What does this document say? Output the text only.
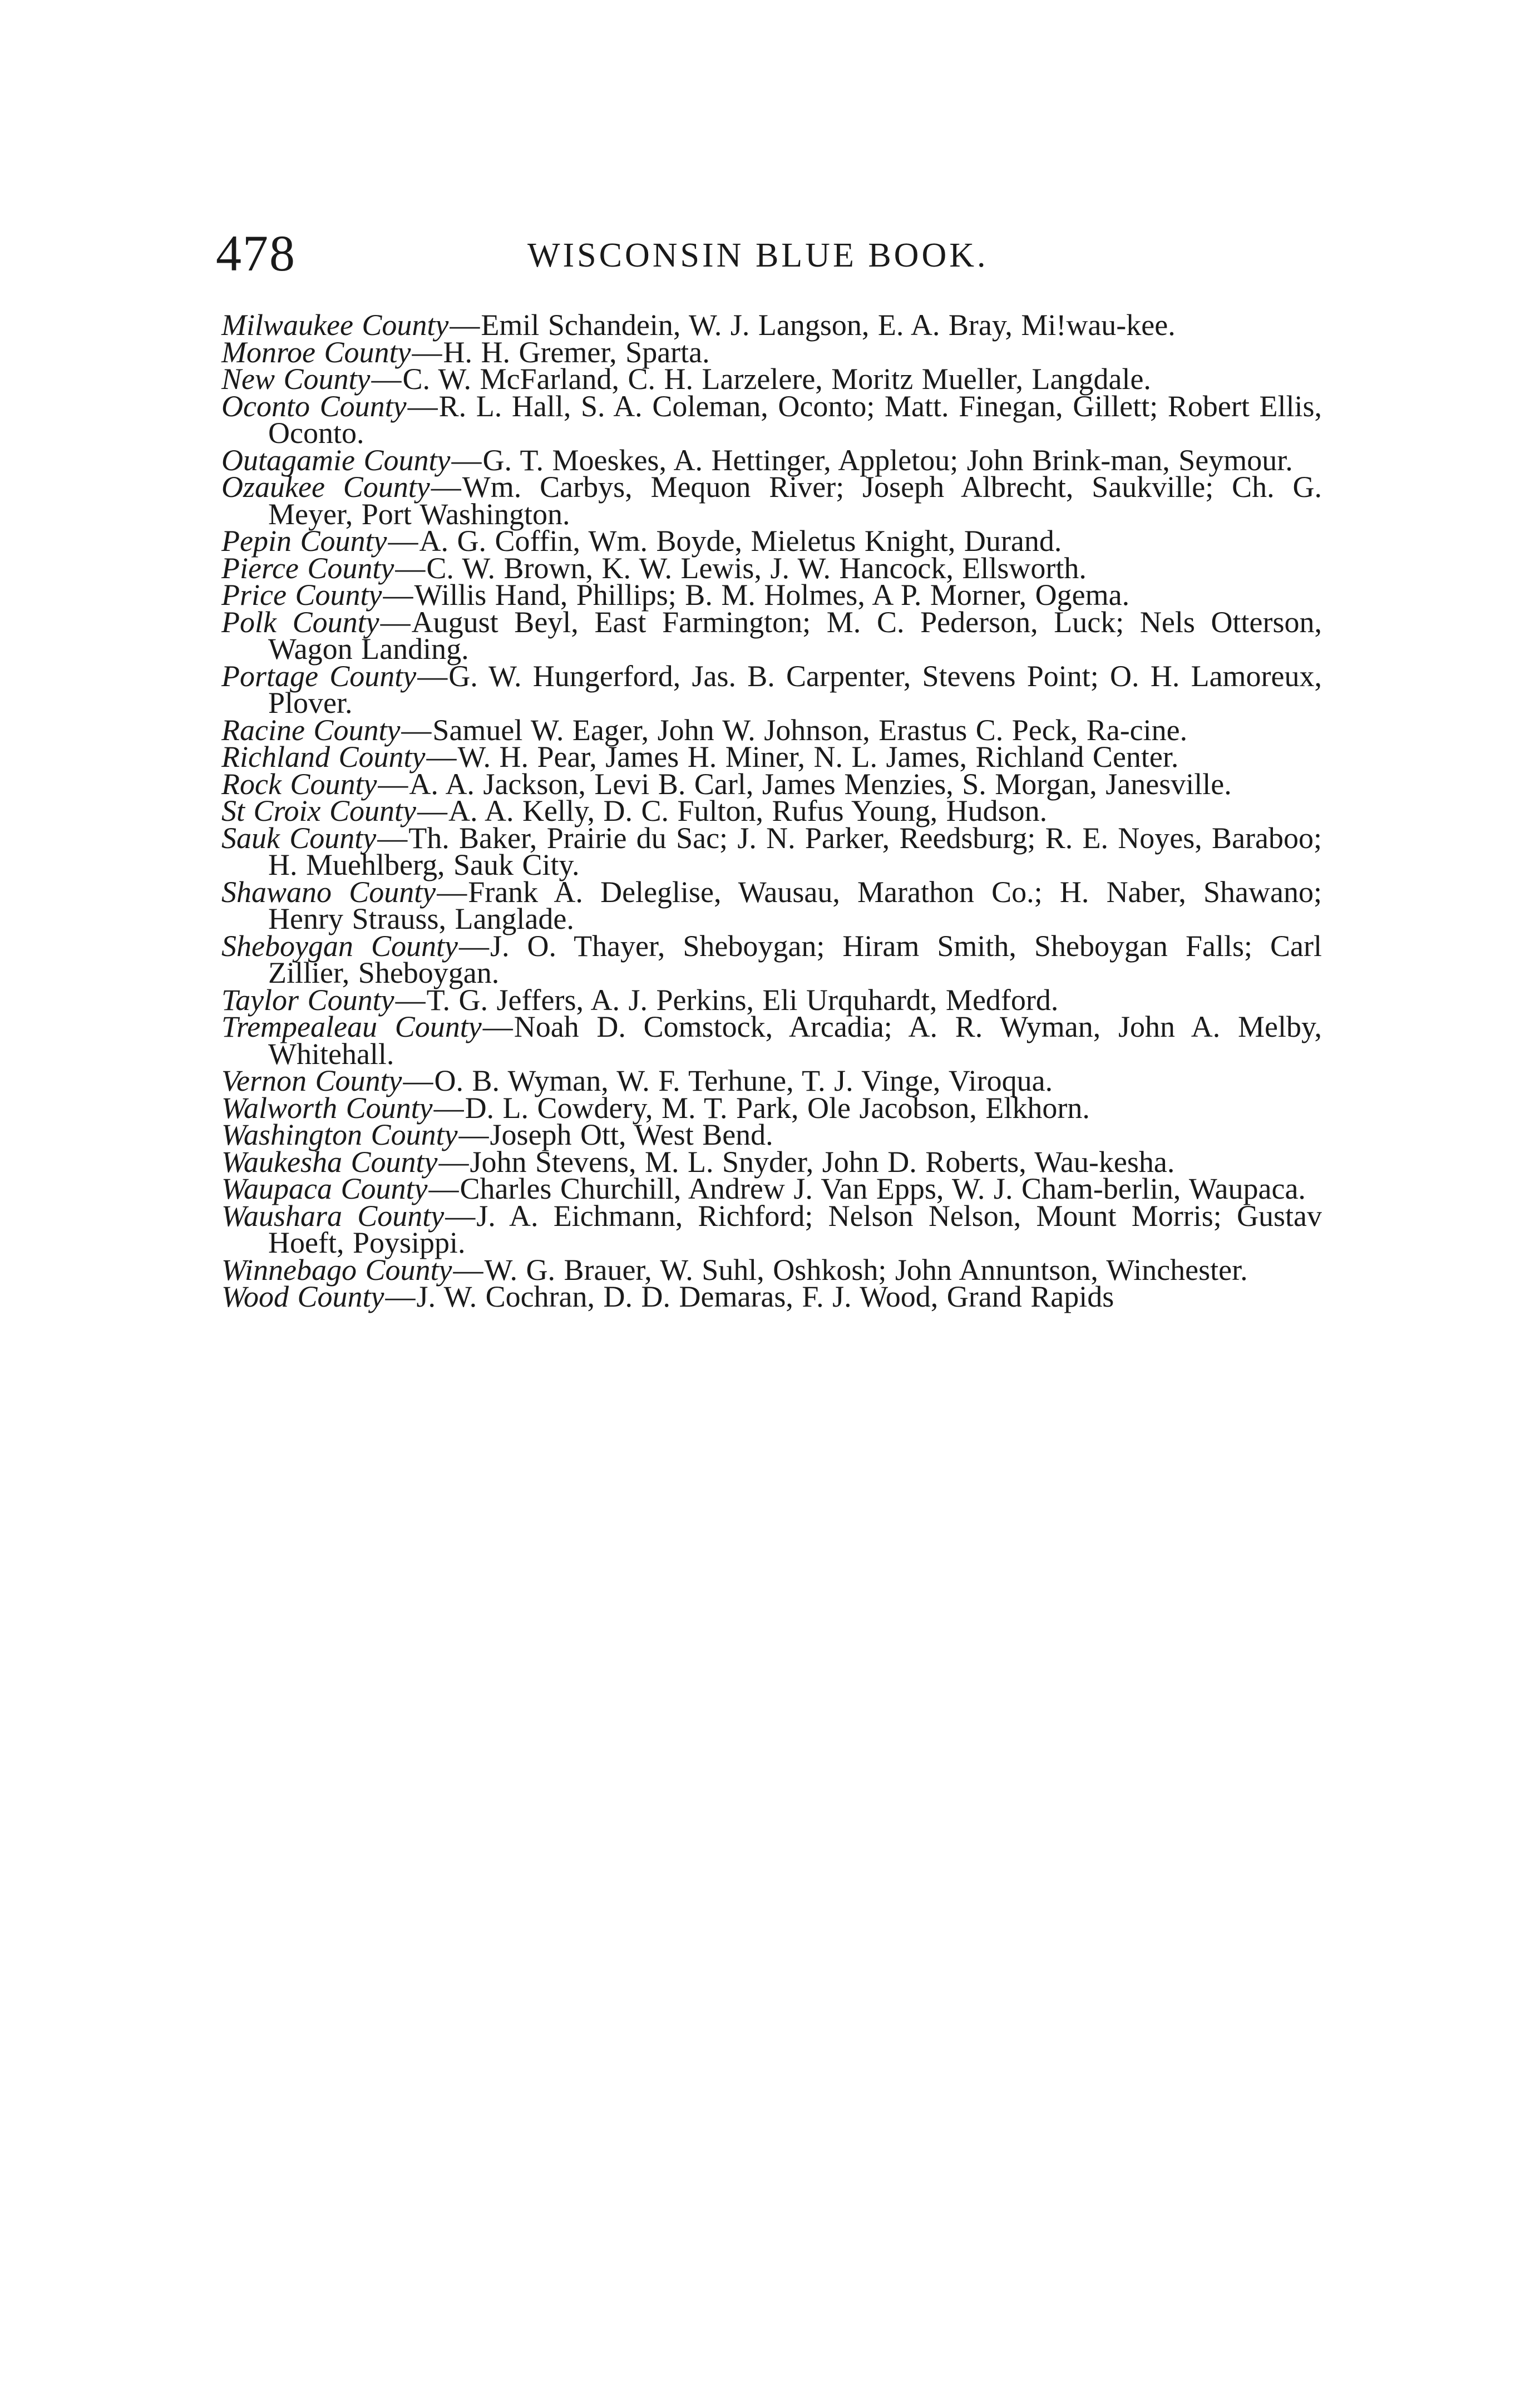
478	WISCONSIN BLUE BOOK.
Milwaukee County—Emil Schandein, W. J. Langson, E. A. Bray, Mi!wau-kee.
Monroe County—H. H. Gremer, Sparta.
New County—C. W. McFarland, C. H. Larzelere, Moritz Mueller, Langdale.
Oconto County—R. L. Hall, S. A. Coleman, Oconto; Matt. Finegan, Gillett; Robert Ellis, Oconto.
Outagamie County—G. T. Moeskes, A. Hettinger, Appletou; John Brink-man, Seymour.
Ozaukee County—Wm. Carbys, Mequon River; Joseph Albrecht, Saukville; Ch. G. Meyer, Port Washington.
Pepin County—A. G. Coffin, Wm. Boyde, Mieletus Knight, Durand.
Pierce County—C. W. Brown, K. W. Lewis, J. W. Hancock, Ellsworth.
Price County—Willis Hand, Phillips; B. M. Holmes, A P. Morner, Ogema.
Polk County—August Beyl, East Farmington; M. C. Pederson, Luck; Nels Otterson, Wagon Landing.
Portage County—G. W. Hungerford, Jas. B. Carpenter, Stevens Point; O. H. Lamoreux, Plover.
Racine County—Samuel W. Eager, John W. Johnson, Erastus C. Peck, Ra-cine.
Richland County—W. H. Pear, James H. Miner, N. L. James, Richland Center.
Rock County—A. A. Jackson, Levi B. Carl, James Menzies, S. Morgan, Janesville.
St Croix County—A. A. Kelly, D. C. Fulton, Rufus Young, Hudson.
Sauk County—Th. Baker, Prairie du Sac; J. N. Parker, Reedsburg; R. E. Noyes, Baraboo; H. Muehlberg, Sauk City.
Shawano County—Frank A. Deleglise, Wausau, Marathon Co.; H. Naber, Shawano; Henry Strauss, Langlade.
Sheboygan County—J. O. Thayer, Sheboygan; Hiram Smith, Sheboygan Falls; Carl Zillier, Sheboygan.
Taylor County—T. G. Jeffers, A. J. Perkins, Eli Urquhardt, Medford.
Trempealeau County—Noah D. Comstock, Arcadia; A. R. Wyman, John A. Melby, Whitehall.
Vernon County—O. B. Wyman, W. F. Terhune, T. J. Vinge, Viroqua.
Walworth County—D. L. Cowdery, M. T. Park, Ole Jacobson, Elkhorn.
Washington County—Joseph Ott, West Bend.
Waukesha County—John Stevens, M. L. Snyder, John D. Roberts, Wau-kesha.
Waupaca County—Charles Churchill, Andrew J. Van Epps, W. J. Cham-berlin, Waupaca.
Waushara County—J. A. Eichmann, Richford; Nelson Nelson, Mount Morris; Gustav Hoeft, Poysippi.
Winnebago County—W. G. Brauer, W. Suhl, Oshkosh; John Annuntson, Winchester.
Wood County—J. W. Cochran, D. D. Demaras, F. J. Wood, Grand Rapids
